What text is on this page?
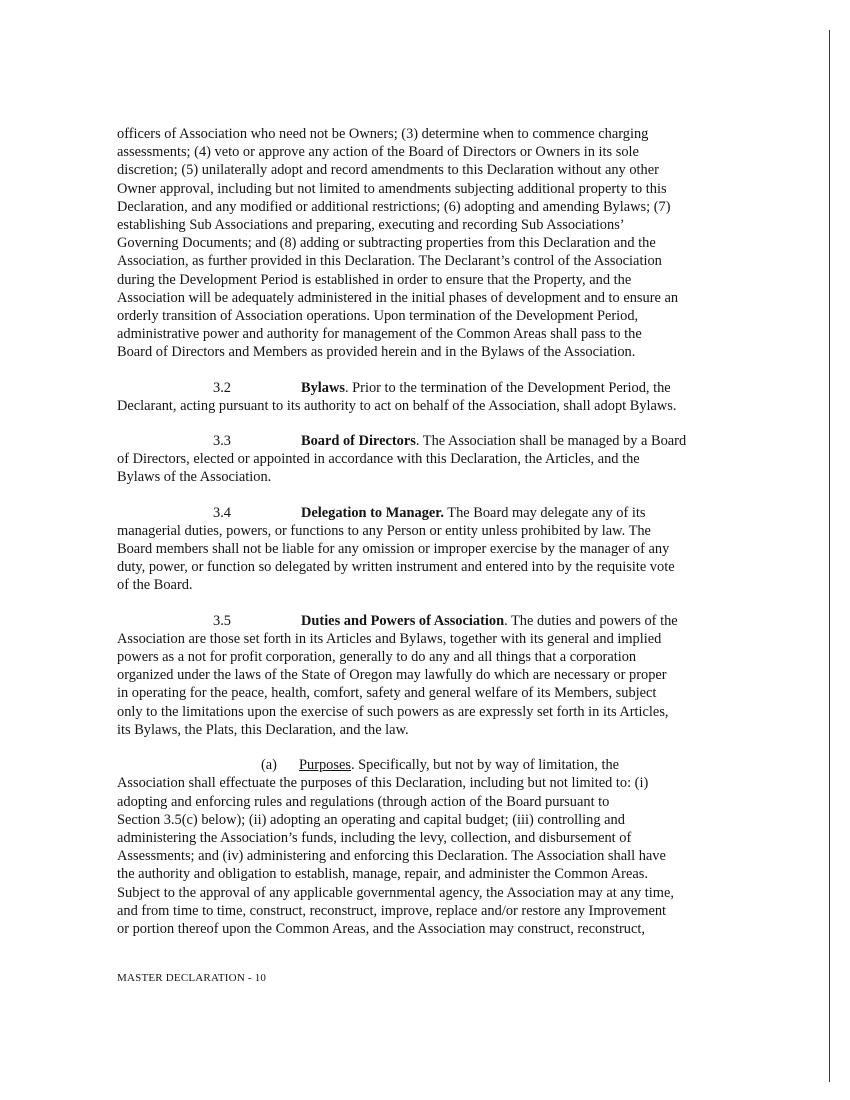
officers of Association who need not be Owners; (3) determine when to commence charging
assessments; (4) veto or approve any action of the Board of Directors or Owners in its sole
discretion; (5) unilaterally adopt and record amendments to this Declaration without any other
Owner approval, including but not limited to amendments subjecting additional property to this
Declaration, and any modified or additional restrictions; (6) adopting and amending Bylaws; (7)
establishing Sub Associations and preparing, executing and recording Sub Associations’
Governing Documents; and (8) adding or subtracting properties from this Declaration and the
Association, as further provided in this Declaration. The Declarant’s control of the Association
during the Development Period is established in order to ensure that the Property, and the
Association will be adequately administered in the initial phases of development and to ensure an
orderly transition of Association operations. Upon termination of the Development Period,
administrative power and authority for management of the Common Areas shall pass to the
Board of Directors and Members as provided herein and in the Bylaws of the Association.

3.2	Bylaws. Prior to the termination of the Development Period, the
Declarant, acting pursuant to its authority to act on behalf of the Association, shall adopt Bylaws.

3.3	Board of Directors. The Association shall be managed by a Board
of Directors, elected or appointed in accordance with this Declaration, the Articles, and the
Bylaws of the Association.

3.4	Delegation to Manager. The Board may delegate any of its
managerial duties, powers, or functions to any Person or entity unless prohibited by law. The
Board members shall not be liable for any omission or improper exercise by the manager of any
duty, power, or function so delegated by written instrument and entered into by the requisite vote
of the Board.

3.5	Duties and Powers of Association. The duties and powers of the
Association are those set forth in its Articles and Bylaws, together with its general and implied
powers as a not for profit corporation, generally to do any and all things that a corporation
organized under the laws of the State of Oregon may lawfully do which are necessary or proper
in operating for the peace, health, comfort, safety and general welfare of its Members, subject
only to the limitations upon the exercise of such powers as are expressly set forth in its Articles,
its Bylaws, the Plats, this Declaration, and the law.

(a) Purposes. Specifically, but not by way of limitation, the
Association shall effectuate the purposes of this Declaration, including but not limited to: (i)
adopting and enforcing rules and regulations (through action of the Board pursuant to
Section 3.5(c) below); (ii) adopting an operating and capital budget; (iii) controlling and
administering the Association’s funds, including the levy, collection, and disbursement of
Assessments; and (iv) administering and enforcing this Declaration. The Association shall have
the authority and obligation to establish, manage, repair, and administer the Common Areas.
Subject to the approval of any applicable governmental agency, the Association may at any time,
and from time to time, construct, reconstruct, improve, replace and/or restore any Improvement
or portion thereof upon the Common Areas, and the Association may construct, reconstruct,

MASTER DECLARATION - 10
